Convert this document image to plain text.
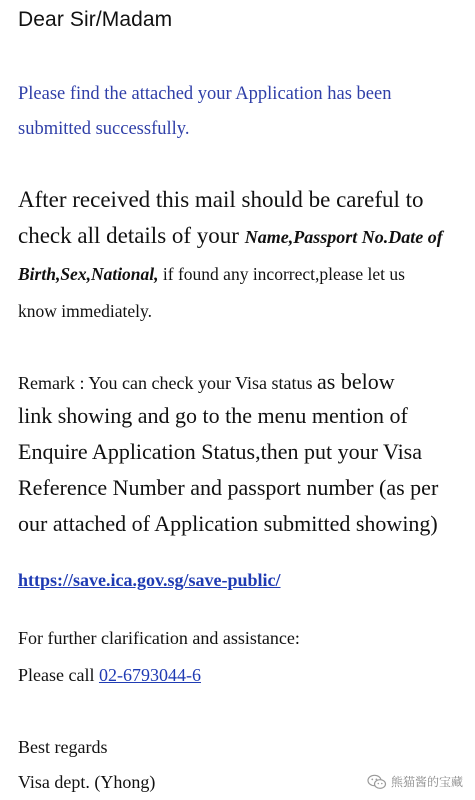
Dear Sir/Madam
Please find the attached your Application has been
submitted successfully.
After received this mail should be careful to
check all details of your Name,Passport No.Date of
Birth,Sex,National, if found any incorrect,please let us
know immediately.
Remark : You can check your Visa status as below
link showing and go to the menu mention of
Enquire Application Status,then put your Visa
Reference Number and passport number (as per
our attached of Application submitted showing)
https://save.ica.gov.sg/save-public/
For further clarification and assistance:
Please call 02-6793044-6
Best regards
Visa dept. (Yhong)	熊猫酱的宝藏
